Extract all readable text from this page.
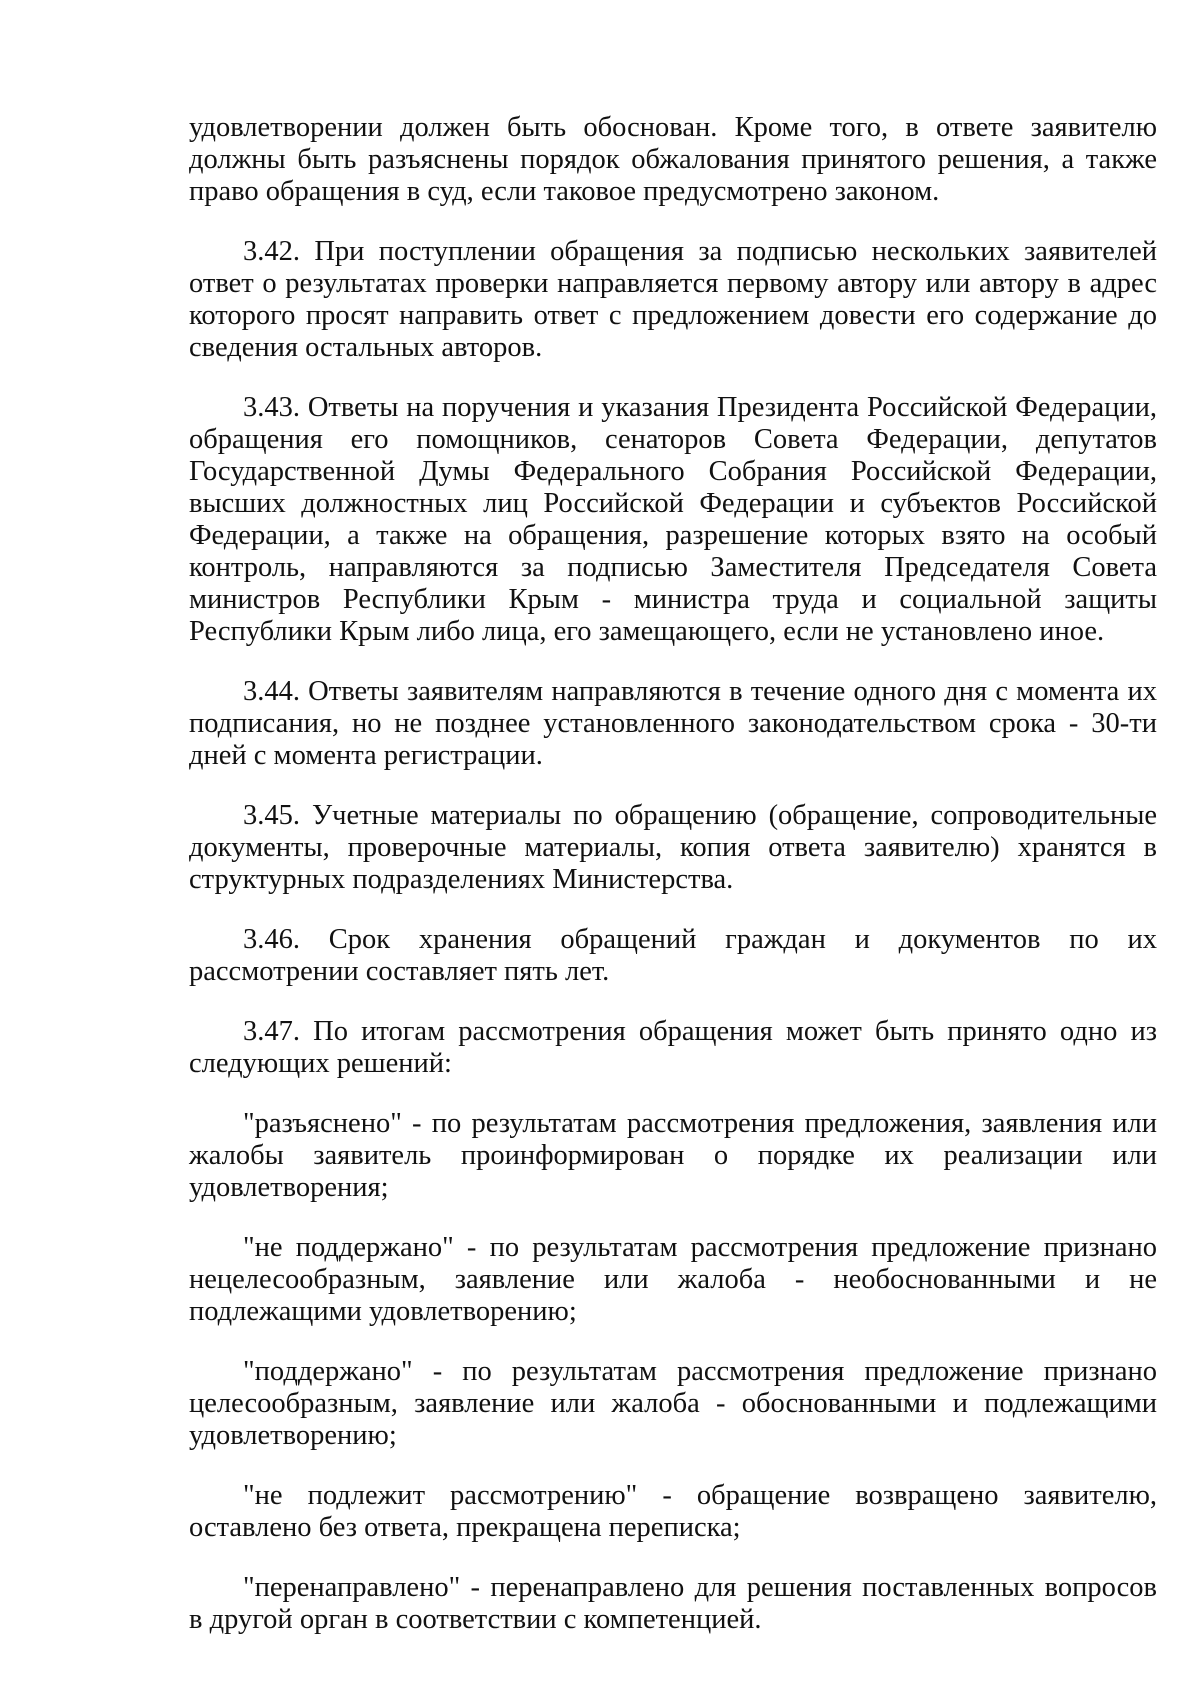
удовлетворении должен быть обоснован. Кроме того, в ответе заявителю должны быть разъяснены порядок обжалования принятого решения, а также право обращения в суд, если таковое предусмотрено законом.

3.42. При поступлении обращения за подписью нескольких заявителей ответ о результатах проверки направляется первому автору или автору в адрес которого просят направить ответ с предложением довести его содержание до сведения остальных авторов.

3.43. Ответы на поручения и указания Президента Российской Федерации, обращения его помощников, сенаторов Совета Федерации, депутатов Государственной Думы Федерального Собрания Российской Федерации, высших должностных лиц Российской Федерации и субъектов Российской Федерации, а также на обращения, разрешение которых взято на особый контроль, направляются за подписью Заместителя Председателя Совета министров Республики Крым - министра труда и социальной защиты Республики Крым либо лица, его замещающего, если не установлено иное.

3.44. Ответы заявителям направляются в течение одного дня с момента их подписания, но не позднее установленного законодательством срока - 30-ти дней с момента регистрации.

3.45. Учетные материалы по обращению (обращение, сопроводительные документы, проверочные материалы, копия ответа заявителю) хранятся в структурных подразделениях Министерства.

3.46. Срок хранения обращений граждан и документов по их рассмотрении составляет пять лет.

3.47. По итогам рассмотрения обращения может быть принято одно из следующих решений:

"разъяснено" - по результатам рассмотрения предложения, заявления или жалобы заявитель проинформирован о порядке их реализации или удовлетворения;

"не поддержано" - по результатам рассмотрения предложение признано нецелесообразным, заявление или жалоба - необоснованными и не подлежащими удовлетворению;

"поддержано" - по результатам рассмотрения предложение признано целесообразным, заявление или жалоба - обоснованными и подлежащими удовлетворению;

"не подлежит рассмотрению" - обращение возвращено заявителю, оставлено без ответа, прекращена переписка;

"перенаправлено" - перенаправлено для решения поставленных вопросов в другой орган в соответствии с компетенцией.
